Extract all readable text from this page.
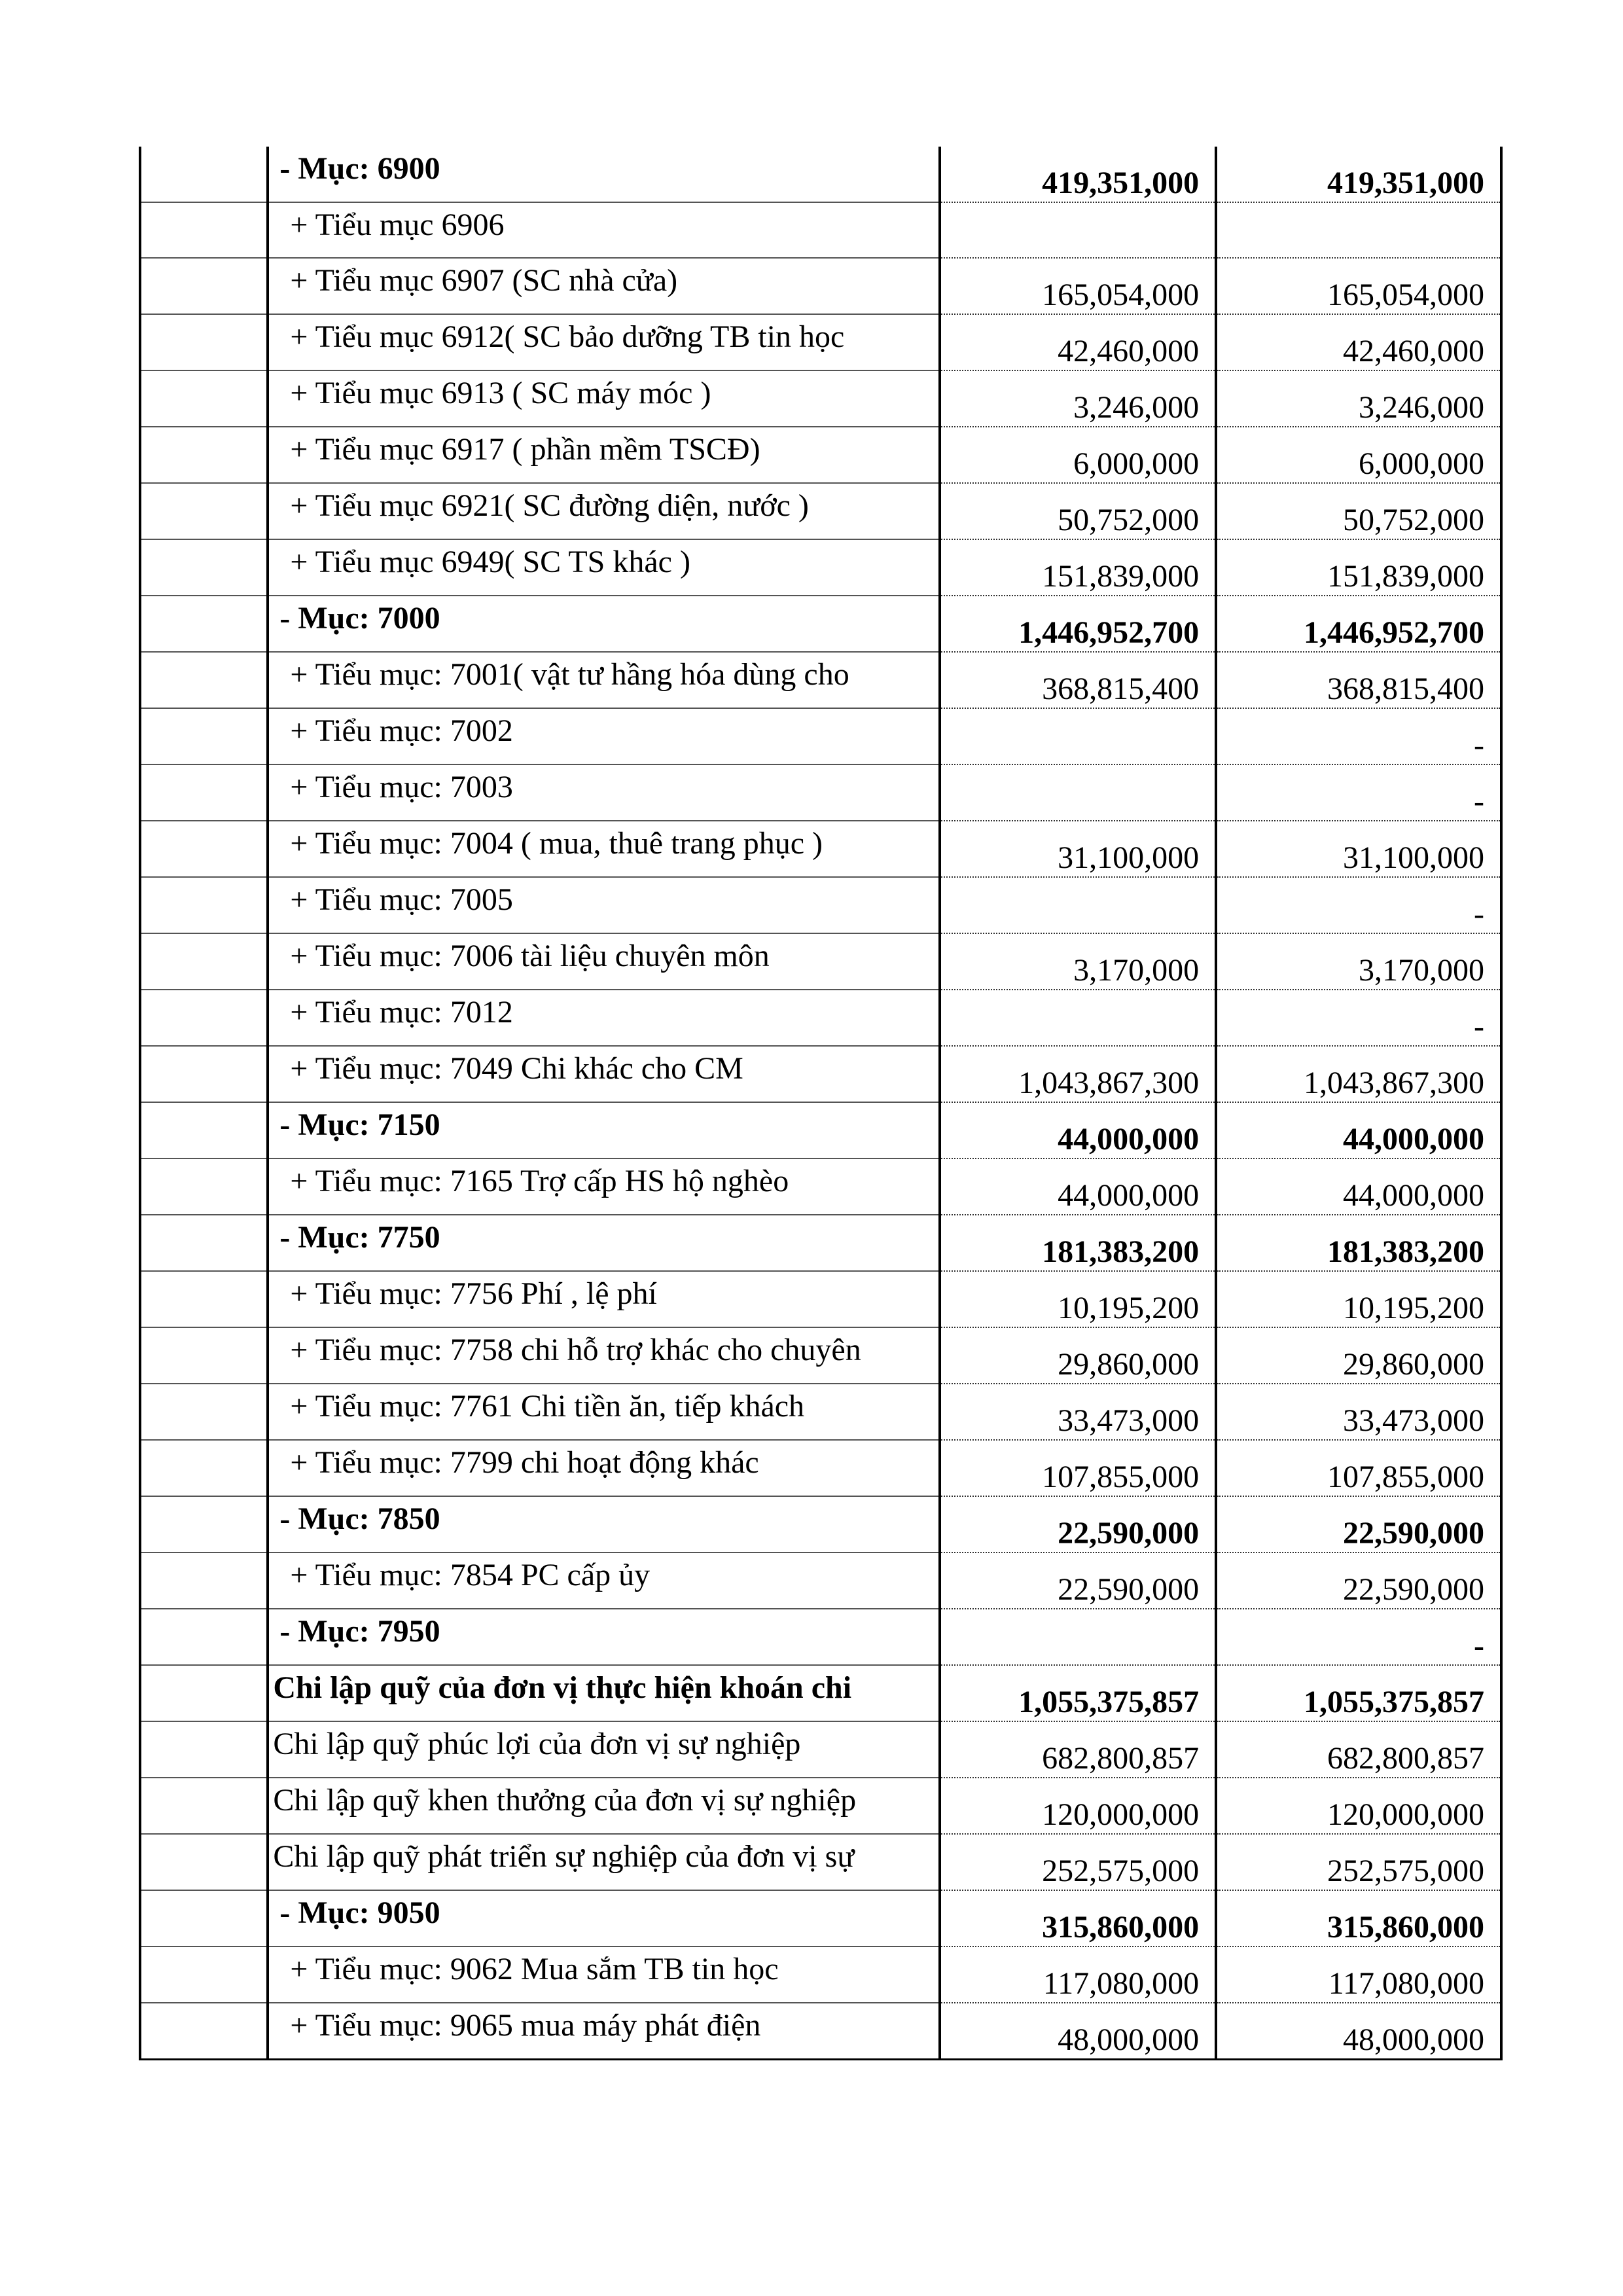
	- Mục: 6900	419,351,000	419,351,000
	+ Tiểu mục 6906		
	+ Tiểu mục 6907 (SC nhà cửa)	165,054,000	165,054,000
	+ Tiểu mục 6912( SC bảo dưỡng TB tin học	42,460,000	42,460,000
	+ Tiểu mục 6913 ( SC máy móc )	3,246,000	3,246,000
	+ Tiểu mục 6917 ( phần mềm TSCĐ)	6,000,000	6,000,000
	+ Tiểu mục 6921( SC đường diện, nước )	50,752,000	50,752,000
	+ Tiểu mục 6949( SC TS khác )	151,839,000	151,839,000
	- Mục: 7000	1,446,952,700	1,446,952,700
	+ Tiểu mục: 7001( vật tư hầng hóa dùng cho	368,815,400	368,815,400
	+ Tiểu mục: 7002		-
	+ Tiểu mục: 7003		-
	+ Tiểu mục: 7004 ( mua, thuê trang phục )	31,100,000	31,100,000
	+ Tiểu mục: 7005		-
	+ Tiểu mục: 7006 tài liệu chuyên môn	3,170,000	3,170,000
	+ Tiểu mục: 7012		-
	+ Tiểu mục: 7049 Chi khác cho CM	1,043,867,300	1,043,867,300
	- Mục: 7150	44,000,000	44,000,000
	+ Tiểu mục: 7165 Trợ cấp HS hộ nghèo	44,000,000	44,000,000
	- Mục: 7750	181,383,200	181,383,200
	+ Tiểu mục: 7756 Phí , lệ phí	10,195,200	10,195,200
	+ Tiểu mục: 7758 chi hỗ trợ khác cho chuyên	29,860,000	29,860,000
	+ Tiểu mục: 7761 Chi tiền ăn, tiếp khách	33,473,000	33,473,000
	+ Tiểu mục: 7799 chi hoạt động khác	107,855,000	107,855,000
	- Mục: 7850	22,590,000	22,590,000
	+ Tiểu mục: 7854 PC cấp ủy	22,590,000	22,590,000
	- Mục: 7950		-
	Chi lập quỹ của đơn vị thực hiện khoán chi	1,055,375,857	1,055,375,857
	Chi lập quỹ phúc lợi của đơn vị sự nghiệp	682,800,857	682,800,857
	Chi lập quỹ khen thưởng của đơn vị sự nghiệp	120,000,000	120,000,000
	Chi lập quỹ phát triển sự nghiệp của đơn vị sự	252,575,000	252,575,000
	- Mục: 9050	315,860,000	315,860,000
	+ Tiểu mục: 9062 Mua sắm TB tin học	117,080,000	117,080,000
	+ Tiểu mục: 9065 mua máy phát điện	48,000,000	48,000,000
